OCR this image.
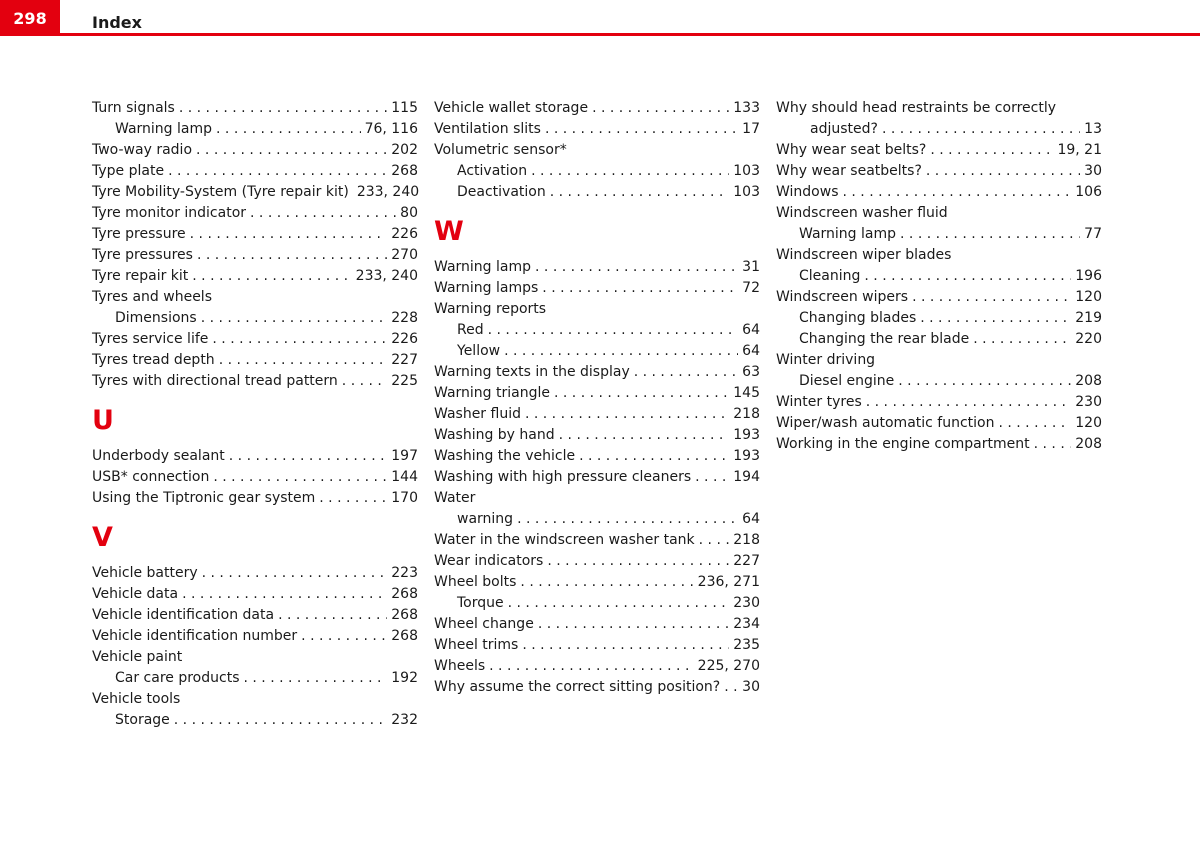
298	Index
Turn signals . . .	115
Warning lamp . . .	76, 116
Two-way radio . . .	202
Type plate . . .	268
Tyre Mobility-System (Tyre repair kit) 233, 240
Tyre monitor indicator . . .	80
Tyre pressure . . .	226
Tyre pressures . . .	270
Tyre repair kit . . .	233, 240
Tyres and wheels
Dimensions . . .	228
Tyres service life . . .	226
Tyres tread depth . . .	227
Tyres with directional tread pattern . . .	225
U
Underbody sealant . . .	197
USB* connection . . .	144
Using the Tiptronic gear system . . .	170
V
Vehicle battery . . .	223
Vehicle data . . .	268
Vehicle identification data . . .	268
Vehicle identification number . . .	268
Vehicle paint
Car care products . . .	192
Vehicle tools
Storage . . .	232
Vehicle wallet storage . . .	133
Ventilation slits . . .	17
Volumetric sensor*
Activation . . .	103
Deactivation . . .	103
W
Warning lamp . . .	31
Warning lamps . . .	72
Warning reports
Red . . .	64
Yellow . . .	64
Warning texts in the display . . .	63
Warning triangle . . .	145
Washer fluid . . .	218
Washing by hand . . .	193
Washing the vehicle . . .	193
Washing with high pressure cleaners . . .	194
Water
warning . . .	64
Water in the windscreen washer tank . . .	218
Wear indicators . . .	227
Wheel bolts . . .	236, 271
Torque . . .	230
Wheel change . . .	234
Wheel trims . . .	235
Wheels . . .	225, 270
Why assume the correct sitting position? . . . 30
Why should head restraints be correctly
adjusted? . . .	13
Why wear seat belts? . . .	19, 21
Why wear seatbelts? . . .	30
Windows . . .	106
Windscreen washer fluid
Warning lamp . . .	77
Windscreen wiper blades
Cleaning . . .	196
Windscreen wipers . . .	120
Changing blades . . .	219
Changing the rear blade . . .	220
Winter driving
Diesel engine . . .	208
Winter tyres . . .	230
Wiper/wash automatic function . . .	120
Working in the engine compartment . . .	208
